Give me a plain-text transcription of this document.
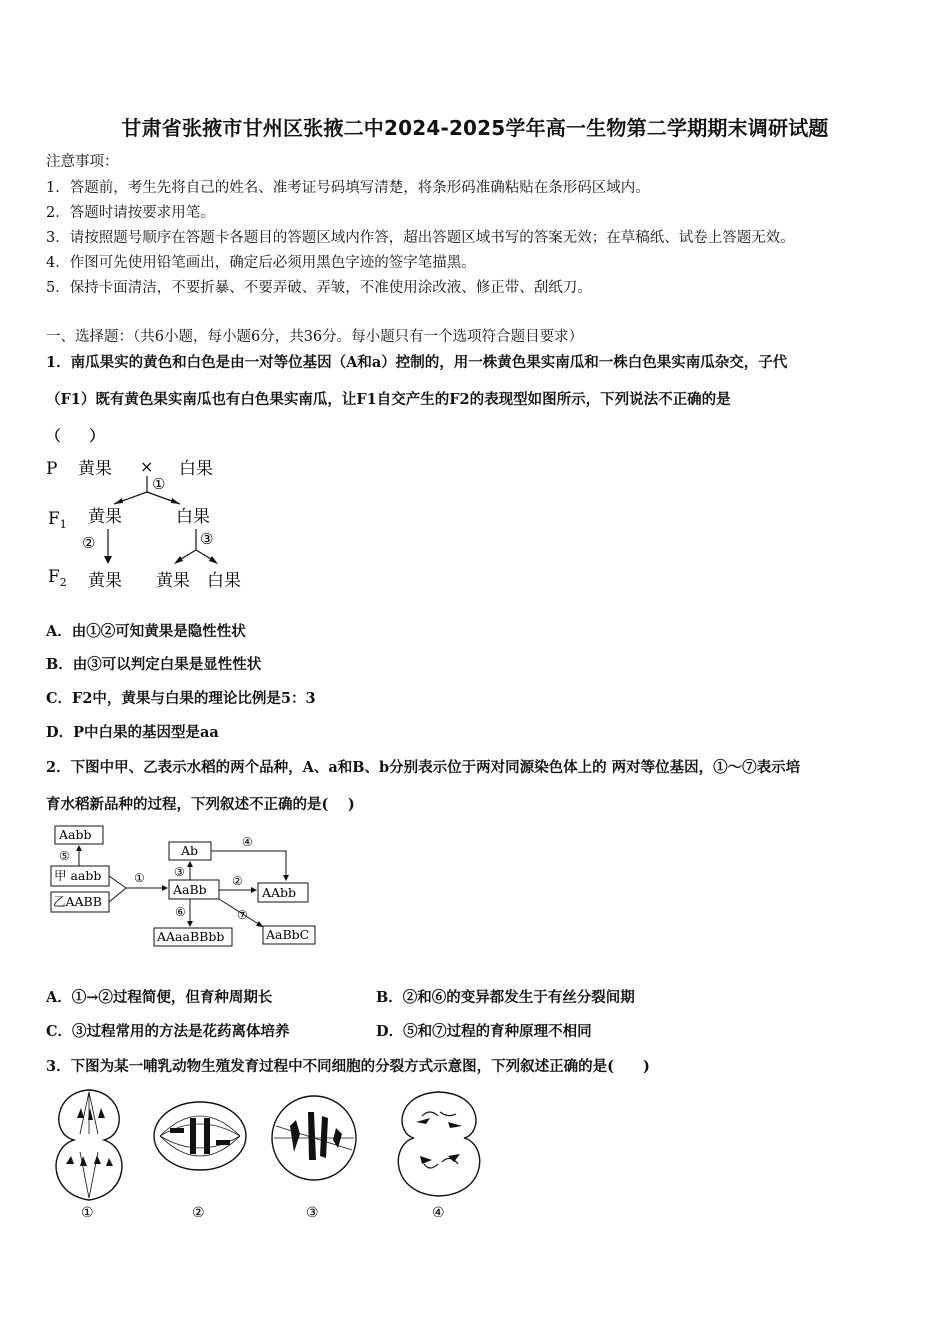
甘肃省张掖市甘州区张掖二中2024-2025学年高一生物第二学期期末调研试题
注意事项：
1．答题前，考生先将自己的姓名、准考证号码填写清楚，将条形码准确粘贴在条形码区域内。
2．答题时请按要求用笔。
3．请按照题号顺序在答题卡各题目的答题区域内作答，超出答题区域书写的答案无效；在草稿纸、试卷上答题无效。
4．作图可先使用铅笔画出，确定后必须用黑色字迹的签字笔描黑。
5．保持卡面清洁，不要折暴、不要弄破、弄皱，不准使用涂改液、修正带、刮纸刀。
一、选择题：（共6小题，每小题6分，共36分。每小题只有一个选项符合题目要求）
1．南瓜果实的黄色和白色是由一对等位基因（A和a）控制的，用一株黄色果实南瓜和一株白色果实南瓜杂交，子代
（F1）既有黄色果实南瓜也有白色果实南瓜，让F1自交产生的F2的表现型如图所示，下列说法不正确的是
（　　）
P 黄果 × 白果
①
$F_1$ 黄果	白果
②	③
$F_2$ 黄果 黄果 白果
A．由①②可知黄果是隐性性状
B．由③可以判定白果是显性性状
C．F2中，黄果与白果的理论比例是5：3
D．P中白果的基因型是aa
2．下图中甲、乙表示水稻的两个品种，A、a和B、b分别表示位于两对同源染色体上的 两对等位基因，①～⑦表示培
育水稻新品种的过程，下列叙述不正确的是(　 )
Aabb
⑤
甲 aabb
乙AABB
①
Ab
④
③
AaBb
②
AAbb
⑥	⑦
AAaaBBbb	AaBbC
A．①→②过程简便，但育种周期长	B．②和⑥的变异都发生于有丝分裂间期
C．③过程常用的方法是花药离体培养	D．⑤和⑦过程的育种原理不相同
3．下图为某一哺乳动物生殖发育过程中不同细胞的分裂方式示意图，下列叙述正确的是(　　)
①	②	③	④
